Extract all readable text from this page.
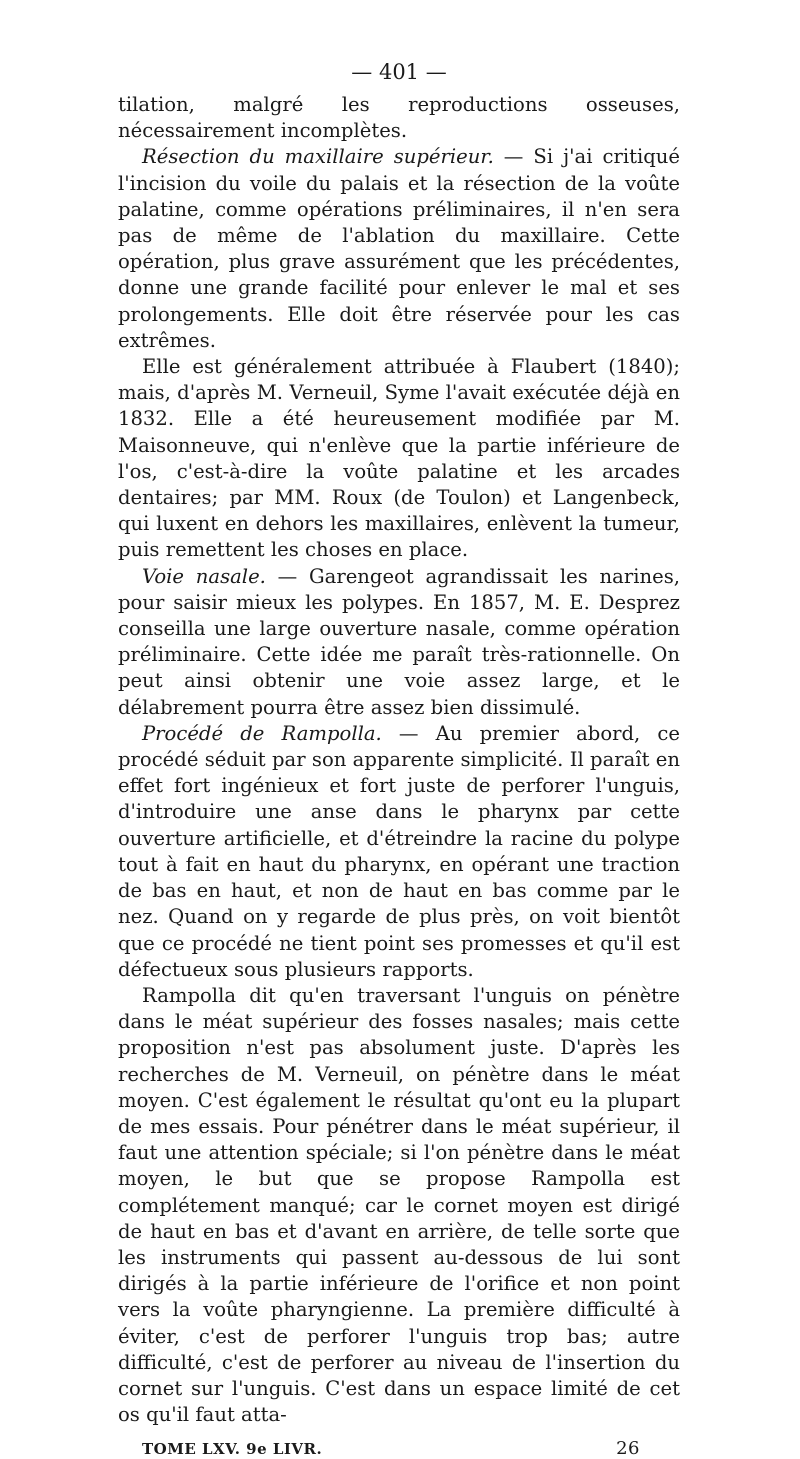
— 401 —

tilation, malgré les reproductions osseuses, nécessairement incomplètes.

Résection du maxillaire supérieur. — Si j'ai critiqué l'incision du voile du palais et la résection de la voûte palatine, comme opérations préliminaires, il n'en sera pas de même de l'ablation du maxillaire. Cette opération, plus grave assurément que les précédentes, donne une grande facilité pour enlever le mal et ses prolongements. Elle doit être réservée pour les cas extrêmes.

Elle est généralement attribuée à Flaubert (1840); mais, d'après M. Verneuil, Syme l'avait exécutée déjà en 1832. Elle a été heureusement modifiée par M. Maisonneuve, qui n'enlève que la partie inférieure de l'os, c'est-à-dire la voûte palatine et les arcades dentaires; par MM. Roux (de Toulon) et Langenbeck, qui luxent en dehors les maxillaires, enlèvent la tumeur, puis remettent les choses en place.

Voie nasale. — Garengeot agrandissait les narines, pour saisir mieux les polypes. En 1857, M. E. Desprez conseilla une large ouverture nasale, comme opération préliminaire. Cette idée me paraît très-rationnelle. On peut ainsi obtenir une voie assez large, et le délabrement pourra être assez bien dissimulé.

Procédé de Rampolla. — Au premier abord, ce procédé séduit par son apparente simplicité. Il paraît en effet fort ingénieux et fort juste de perforer l'unguis, d'introduire une anse dans le pharynx par cette ouverture artificielle, et d'étreindre la racine du polype tout à fait en haut du pharynx, en opérant une traction de bas en haut, et non de haut en bas comme par le nez. Quand on y regarde de plus près, on voit bientôt que ce procédé ne tient point ses promesses et qu'il est défectueux sous plusieurs rapports.

Rampolla dit qu'en traversant l'unguis on pénètre dans le méat supérieur des fosses nasales; mais cette proposition n'est pas absolument juste. D'après les recherches de M. Verneuil, on pénètre dans le méat moyen. C'est également le résultat qu'ont eu la plupart de mes essais. Pour pénétrer dans le méat supérieur, il faut une attention spéciale; si l'on pénètre dans le méat moyen, le but que se propose Rampolla est complétement manqué; car le cornet moyen est dirigé de haut en bas et d'avant en arrière, de telle sorte que les instruments qui passent au-dessous de lui sont dirigés à la partie inférieure de l'orifice et non point vers la voûte pharyngienne. La première difficulté à éviter, c'est de perforer l'unguis trop bas; autre difficulté, c'est de perforer au niveau de l'insertion du cornet sur l'unguis. C'est dans un espace limité de cet os qu'il faut atta-

TOME LXV. 9e LIVR.	26
